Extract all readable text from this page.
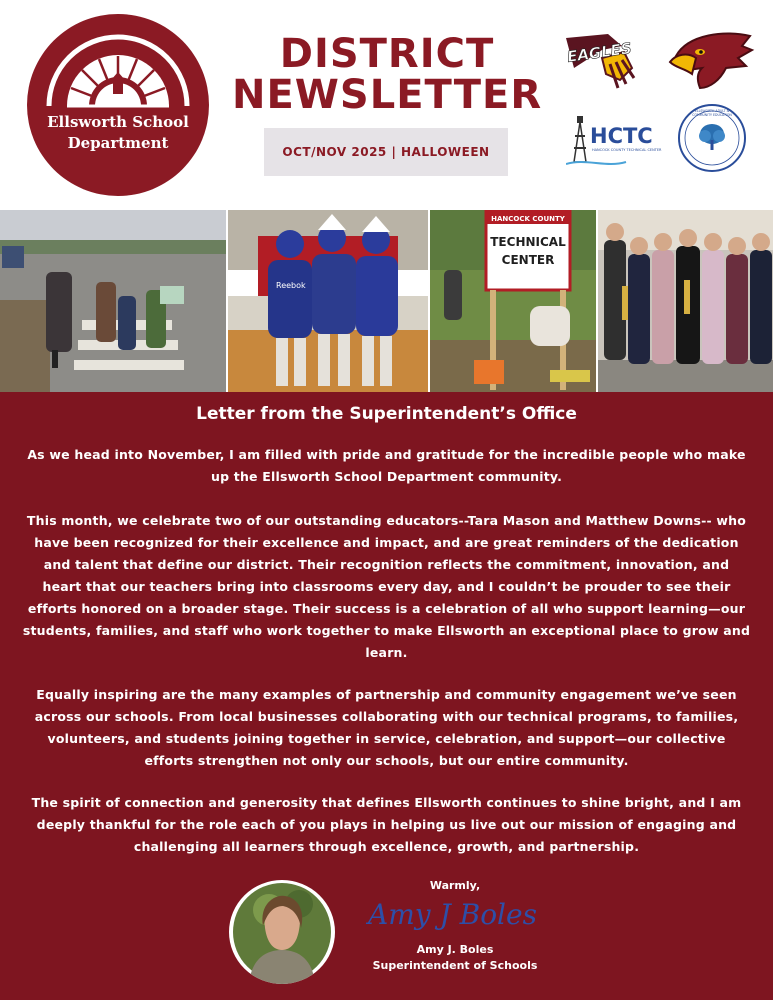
Ellsworth School
Department
DISTRICT
NEWSLETTER
OCT/NOV 2025 | HALLOWEEN
EAGLES
HCTC
HANCOCK COUNTY TECHNICAL CENTER
ELLSWORTH ADULT & COMMUNITY EDUCATION
Reebok
HANCOCK COUNTY
TECHNICAL
CENTER
Letter from the Superintendent’s Office
As we head into November, I am filled with pride and gratitude for the incredible people who make up the Ellsworth School Department community.
This month, we celebrate two of our outstanding educators--Tara Mason and Matthew Downs-- who have been recognized for their excellence and impact, and are great reminders of the dedication and talent that define our district. Their recognition reflects the commitment, innovation, and heart that our teachers bring into classrooms every day, and I couldn’t be prouder to see their efforts honored on a broader stage. Their success is a celebration of all who support learning—our students, families, and staff who work together to make Ellsworth an exceptional place to grow and learn.
Equally inspiring are the many examples of partnership and community engagement we’ve seen across our schools. From local businesses collaborating with our technical programs, to families, volunteers, and students joining together in service, celebration, and support—our collective efforts strengthen not only our schools, but our entire community.
The spirit of connection and generosity that defines Ellsworth continues to shine bright, and I am deeply thankful for the role each of you plays in helping us live out our mission of engaging and challenging all learners through excellence, growth, and partnership.
Warmly,
Amy J Boles
Amy J. Boles
Superintendent of Schools
